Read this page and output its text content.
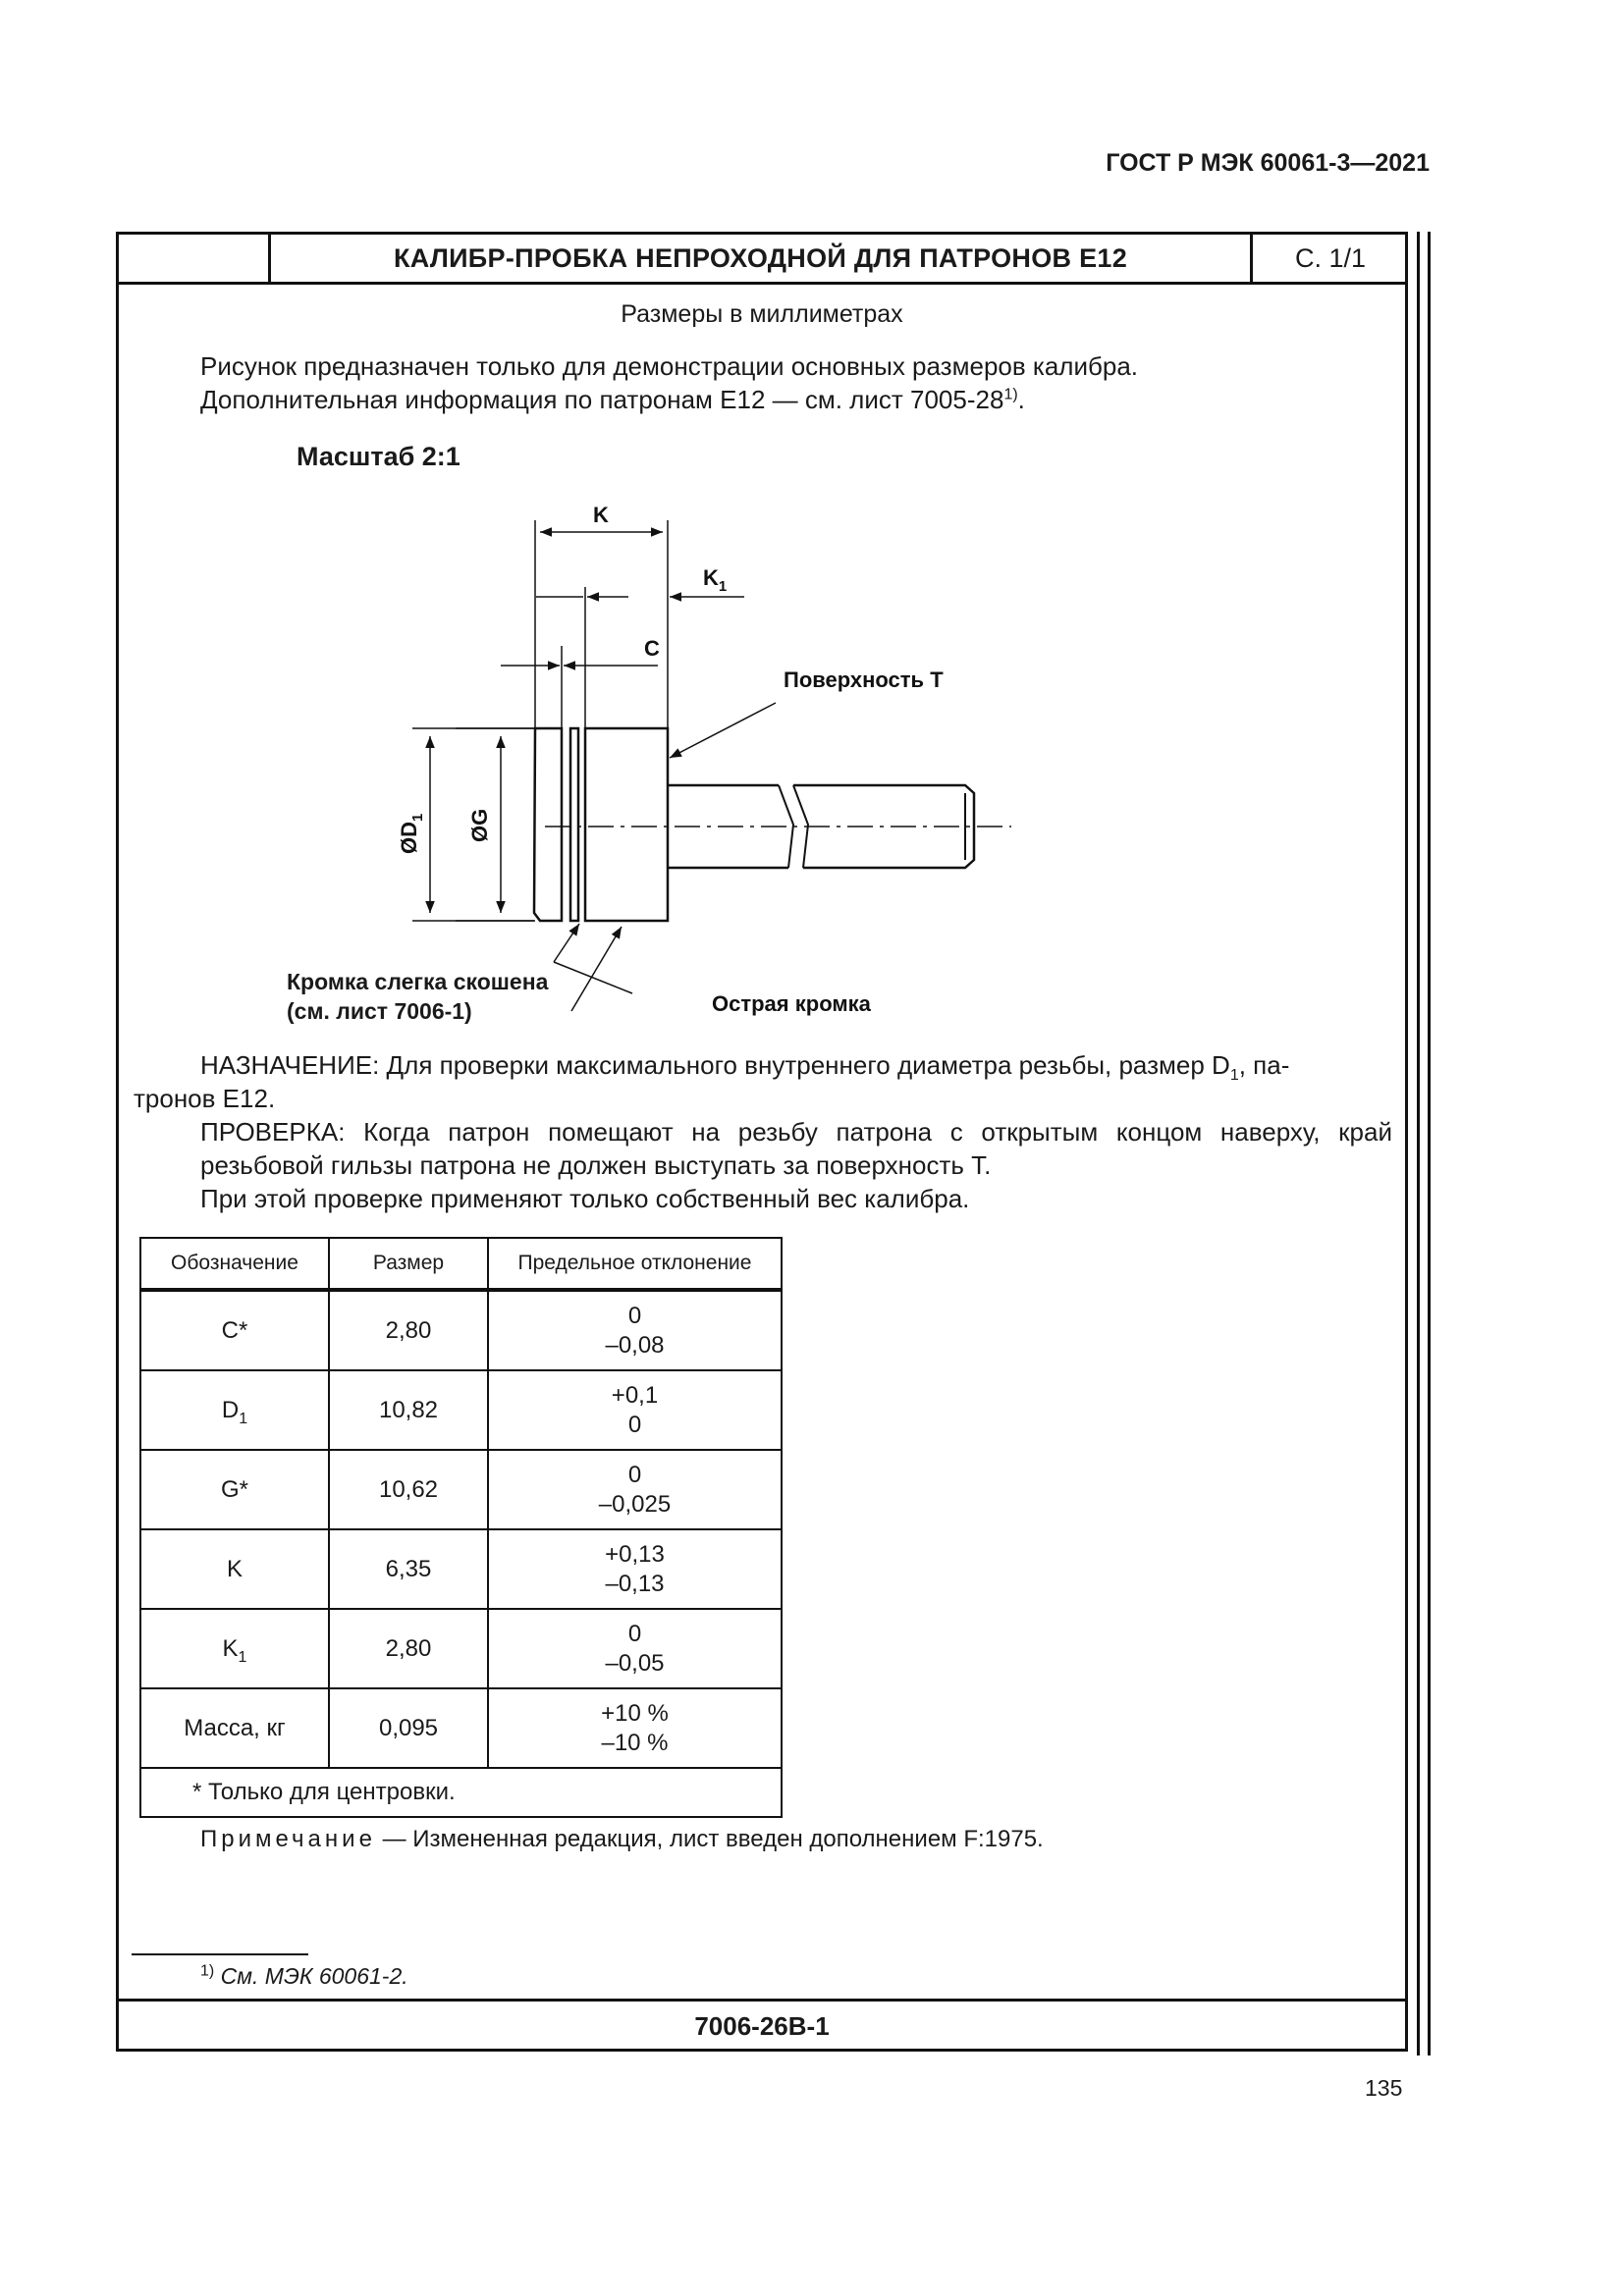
ГОСТ Р МЭК 60061-3—2021
КАЛИБР-ПРОБКА НЕПРОХОДНОЙ ДЛЯ ПАТРОНОВ E12	С. 1/1
Размеры в миллиметрах
Рисунок предназначен только для демонстрации основных размеров калибра.
Дополнительная информация по патронам E12 — см. лист 7005-28$^{1)}$.
Масштаб 2:1
K
$K_1$
C
$ØD_1$ ØG
Поверхность T
Острая кромка
Кромка слегка скошена
(см. лист 7006-1)
НАЗНАЧЕНИЕ: Для проверки максимального внутреннего диаметра резьбы, размер $D_1$, па-
тронов E12.
ПРОВЕРКА: Когда патрон помещают на резьбу патрона с открытым концом наверху, край резьбовой гильзы патрона не должен выступать за поверхность T.
При этой проверке применяют только собственный вес калибра.
Обозначение	Размер	Предельное отклонение
C*	2,80	0
–0,08

$D_1$	10,82	+0,1
0

G*	10,62	0
–0,025

K	6,35	+0,13
–0,13

$K_1$	2,80	0
–0,05

Масса, кг	0,095	+10 %
–10 %

* Только для центровки.		
Примечание — Измененная редакция, лист введен дополнением F:1975.
$^{1)}$ См. МЭК 60061-2.
7006-26B-1
135
